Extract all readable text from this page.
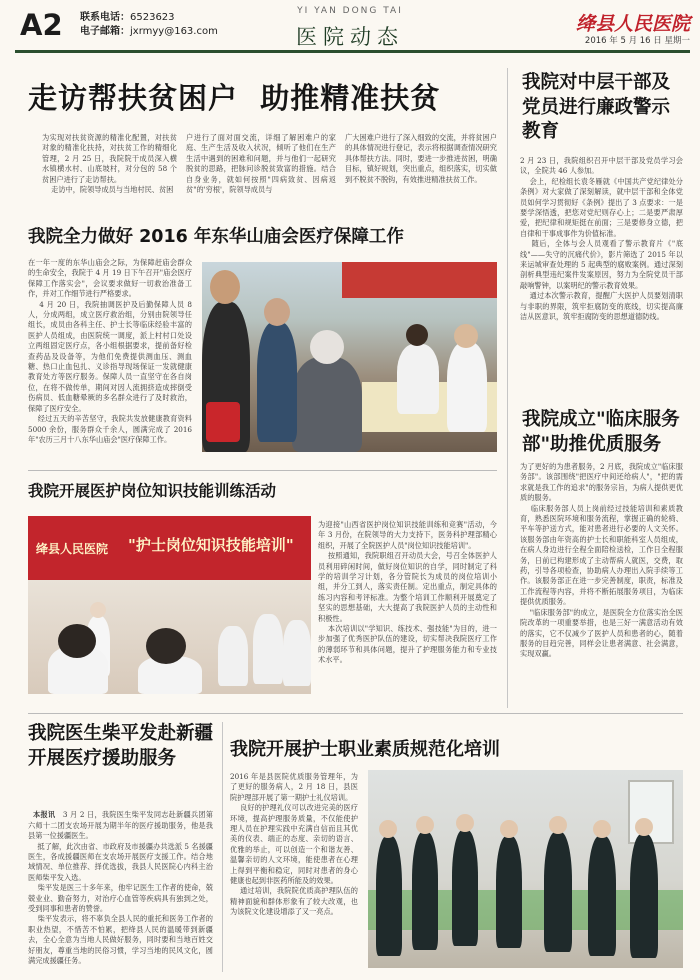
A2 联系电话：6523623
电子邮箱：jxrmyy@163.com
YI YAN DONG TAI
医院动态
绛县人民医院
2016 年 5 月 16 日 星期一
走访帮扶贫困户  助推精准扶贫
为实现对扶贫资源的精准化配置，对扶贫对象的精准化扶持，对扶贫工作的精细化管理，2 月 25 日，我院院干成员深入横水镇横水村、山底坡村，对分包的 58 个贫困户进行了走访帮扶。
走访中，院领导成员与当地村民、贫困
户进行了面对面交流，详细了解困难户的家庭、生产生活及收入状况，倾听了他们在生产生活中遇到的困难和问题，并与他们一起研究脱贫的思路，把脉问诊脱贫致富的措施。结合自身业务，就如何按照"四病致贫、因病返贫"的'穷根'，院领导成员与
广大困难户进行了深入细致的交流，并将贫困户的具体情况进行登记，表示将根据调查情况研究具体帮扶方法。同时，要进一步推进贫困，明确目标，镇好规划，突出重点，组织落实，切实做到不脱贫不脱钩，有效推进精准扶贫工作。
我院全力做好 2016 年东华山庙会医疗保障工作
在一年一度的东华山庙会之际，为保障赶庙会群众的生命安全，我院于 4 月 19 日下午召开"庙会医疗保障工作落实会"，会议要求做好一切救治准备工作，并对工作细节进行严格要求。
4 月 20 日，我院抽调医护及后勤保障人员 8 人，分成两组，成立医疗救治组，分别由院领导任组长，成员由各科主任、护士长等临床经验丰富的医护人员组成，由医院统一调度，派上村村口处设立两组固定医疗点，各小组根据要求，提前备好检查药品及设备等，为他们免费提供测血压、测血糖、热口止血包扎、义诊指导现场保证一发就健康教育处方等医疗服务。保障人员一直坚守在各自岗位，在将不做传单，期间对因人流拥挤造成摔倒受伤病员、低血糖晕厥的多名群众进行了及时救治，保障了医疗安全。
经过五天的辛苦坚守，我院共发放健康教育资料 5000 余份，服务群众千余人，圆满完成了 2016 年"农历三月十八东华山庙会"医疗保障工作。
我院开展医护岗位知识技能训练活动
绛县人民医院	"护士岗位知识技能培训"
为迎接"山西省医护岗位知识技能训练和竞赛"活动，今年 3 月份，在院领导的大力支持下，医务科护理部精心组织，开展了全院医护人员"岗位知识技能培训"。
按照通知，我院职组召开动员大会，号召全体医护人员利用碎闲时间，做好岗位知识的自学，同时制定了科学的培训学习计划，各分管院长为成员的岗位培训小组，并分工到人，落实责任制。定出重点，制定具体的练习内容和考评标准。为整个培训工作顺利开展奠定了坚实的思想基础，大大提高了我院医护人员的主动性和积极性。
本次培训以"学知识、练技术、强技能"为目的，进一步加强了优秀医护队伍的建设，切实帮决我院医疗工作的薄弱环节和具体问题，提升了护理服务能力和专业技术水平。
我院对中层干部及党员进行廉政警示教育
2 月 23 日，我院组织召开中层干部及党员学习会议，全院共 46 人参加。
会上，纪检组长袁冬雁就《中国共产党纪律处分条例》对大家做了深刻解读，就中层干部和全体党员如何学习贯彻好《条例》提出了 3 点要求：一是要学深悟透，把您对党纪则存心上；二是要严肃厚爱，把纪律和规矩挺在前面；三是要修身立德，把自律和干事成事作为价值标准。
随后，全体与会人员观看了警示教育片《"底线"——失守的沉痛代价》，影片筛选了 2015 年以来运城审查处理的 5 起典型的腐败案例。通过深刻剖析典型违纪案件发案原因，努力为全院党员干部敲响警钟，以案明纪的警示教育效果。
通过本次警示教育，提醒广大医护人员要划清职与非职的界限，筑牢拒腐防变的底线，切实提高廉洁从医意识，筑牢拒腐防变的思想道德防线。
我院成立"临床服务部"助推优质服务
为了更好的为患者服务，2 月底，我院成立"临床服务部"。该部围绕"把医疗中间还给病人"，"把的需求就是我工作的追求"的服务宗旨，为病人提供更优质的服务。
临床服务部人员上岗前经过技能培训和素质教育，熟悉医院环境和服务流程，掌握正确的轮椅、平车等护送方式，能对患者进行必要的人文关怀。该服务部由年资高的护士长和职能科室人员组成，在病人身边进行全程全面陪检送检，工作日全程服务，日前已构建形成了主动帮病人就医，交费，取药，引导各项检查，协助病人办理出入院手续等工作。该服务部正在进一步完善制度，职责，标准及工作流程等内容，并将不断拓展服务项目，为临床提供优质服务。
"临床服务部"的成立，是医院全方位落实治全医院改革的一项重要举措，也是三好一满意活动有效的落实，它不仅减少了医护人员和患者的心，随着服务的目趋完善，同样会让患者满意、社会满意，实现双赢。
我院医生柴平发赴新疆开展医疗援助服务

本报讯   3 月 2 日，我院医生柴平发同志赴新疆兵团第六师十二团支农场开展为期半年的医疗援助服务，他是我县第一位援疆医生。
抵了解，此次由省、市政府及市援疆办共选派 5 名援疆医生，各成援疆医师在支农场开展医疗支援工作。结合地域情况、单位推荐、择优选拔，我县人民医院心内科主治医师柴平发入选。
柴平发是医三十多年来，他牢记医生工作者的使命，兢兢业业、勤奋努力，对治疗心血管等疾病具有独到之处，受到同事和患者的赞誉。
柴平发表示，将不辜负全县人民的重托和医务工作者的职业热望，不惜苦不怕累，把绛县人民的温暖带到新疆去，全心全意为当地人民做好服务，同时要和当地百姓交好朋友，尊重当地的民俗习惯，学习当地的民风文化，圆满完成援疆任务。

我院开展护士职业素质规范化培训
2016 年是县医院优质服务管理年，为了更好的服务病人，2 月 18 日，县医院护理部开展了第一期护士礼仪培训。
良好的护理礼仪可以改进完美的医疗环境，提高护理服务质量，不仅能使护理人员在护理实践中充满自信而且其优美的仪表、端正的态度、亲切的语言、优雅的举止，可以创造一个和谐友善、温馨亲切的人文环境，能使患者在心理上得到平衡和稳定，同时对患者的身心健康也起到非医药所能及的效果。
通过培训，我院院优质高护理队伍的精神面貌和群体形象有了较大改观，也为该院文化建设增添了又一亮点。
